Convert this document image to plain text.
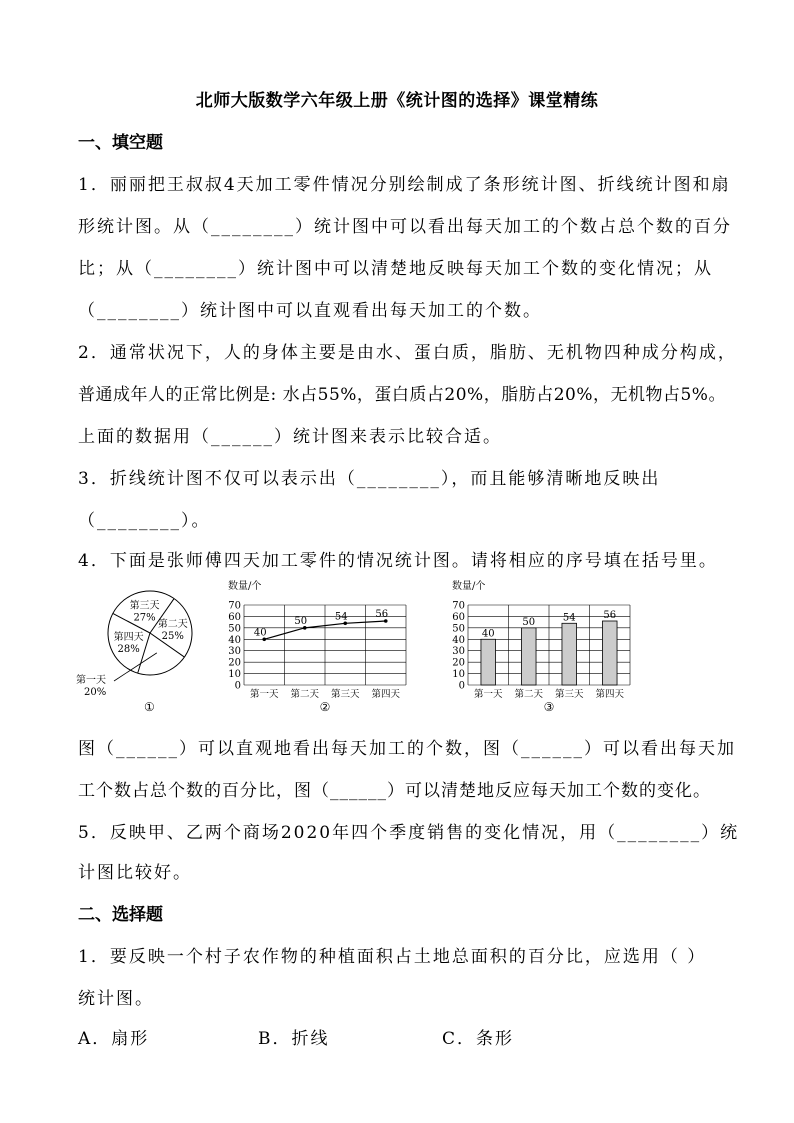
北师大版数学六年级上册《统计图的选择》课堂精练
一、填空题
1．丽丽把王叔叔4天加工零件情况分别绘制成了条形统计图、折线统计图和扇
形统计图。从（________）统计图中可以看出每天加工的个数占总个数的百分
比；从（________）统计图中可以清楚地反映每天加工个数的变化情况；从
（________）统计图中可以直观看出每天加工的个数。
2．通常状况下，人的身体主要是由水、蛋白质，脂肪、无机物四种成分构成，
普通成年人的正常比例是: 水占55%，蛋白质占20%，脂肪占20%，无机物占5%。
上面的数据用（______）统计图来表示比较合适。
3．折线统计图不仅可以表示出（________），而且能够清晰地反映出
（________）。
4．下面是张师傅四天加工零件的情况统计图。请将相应的序号填在括号里。
第四天
28%
第三天
27%
第二天
25%
第一天
20%
①
数量/个
0
10
20
30
40
50
60
70
第一天 第二天 第三天 第四天
40
50	54	56
②
数量/个
0
10
20
30
40
50
60
70
第一天 第二天 第三天 第四天
40
50	54	56
③
图（______）可以直观地看出每天加工的个数，图（______）可以看出每天加
工个数占总个数的百分比，图（______）可以清楚地反应每天加工个数的变化。
5．反映甲、乙两个商场2020年四个季度销售的变化情况，用（________）统
计图比较好。
二、选择题
1．要反映一个村子农作物的种植面积占土地总面积的百分比，应选用（ ）
统计图。
A．扇形	B．折线	C．条形
